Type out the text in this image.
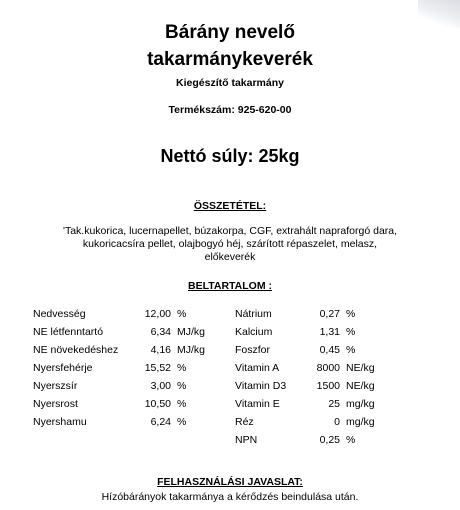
Bárány nevelő
takarmánykeverék
Kiegészítő takarmány
Termékszám: 925-620-00
Nettó súly: 25kg
ÖSSZETÉTEL:
'Tak.kukorica, lucernapellet, búzakorpa, CGF, extrahált napraforgó dara,
kukoricacsíra pellet, olajbogyó héj, szárított répaszelet, melasz,
előkeverék
BELTARTALOM :
Nedvesség	12,00 %
NE létfenntartó	6,34 MJ/kg
NE növekedéshez	4,16 MJ/kg
Nyersfehérje	15,52 %
Nyerszsír	3,00 %
Nyersrost	10,50 %
Nyershamu	6,24 %
Nátrium	0,27 %
Kalcium	1,31 %
Foszfor	0,45 %
Vitamin A	8000 NE/kg
Vitamin D3	1500 NE/kg
Vitamin E	25 mg/kg
Réz	0 mg/kg
NPN	0,25 %
FELHASZNÁLÁSI JAVASLAT:
Hízóbárányok takarmánya a kérődzés beindulása után.
